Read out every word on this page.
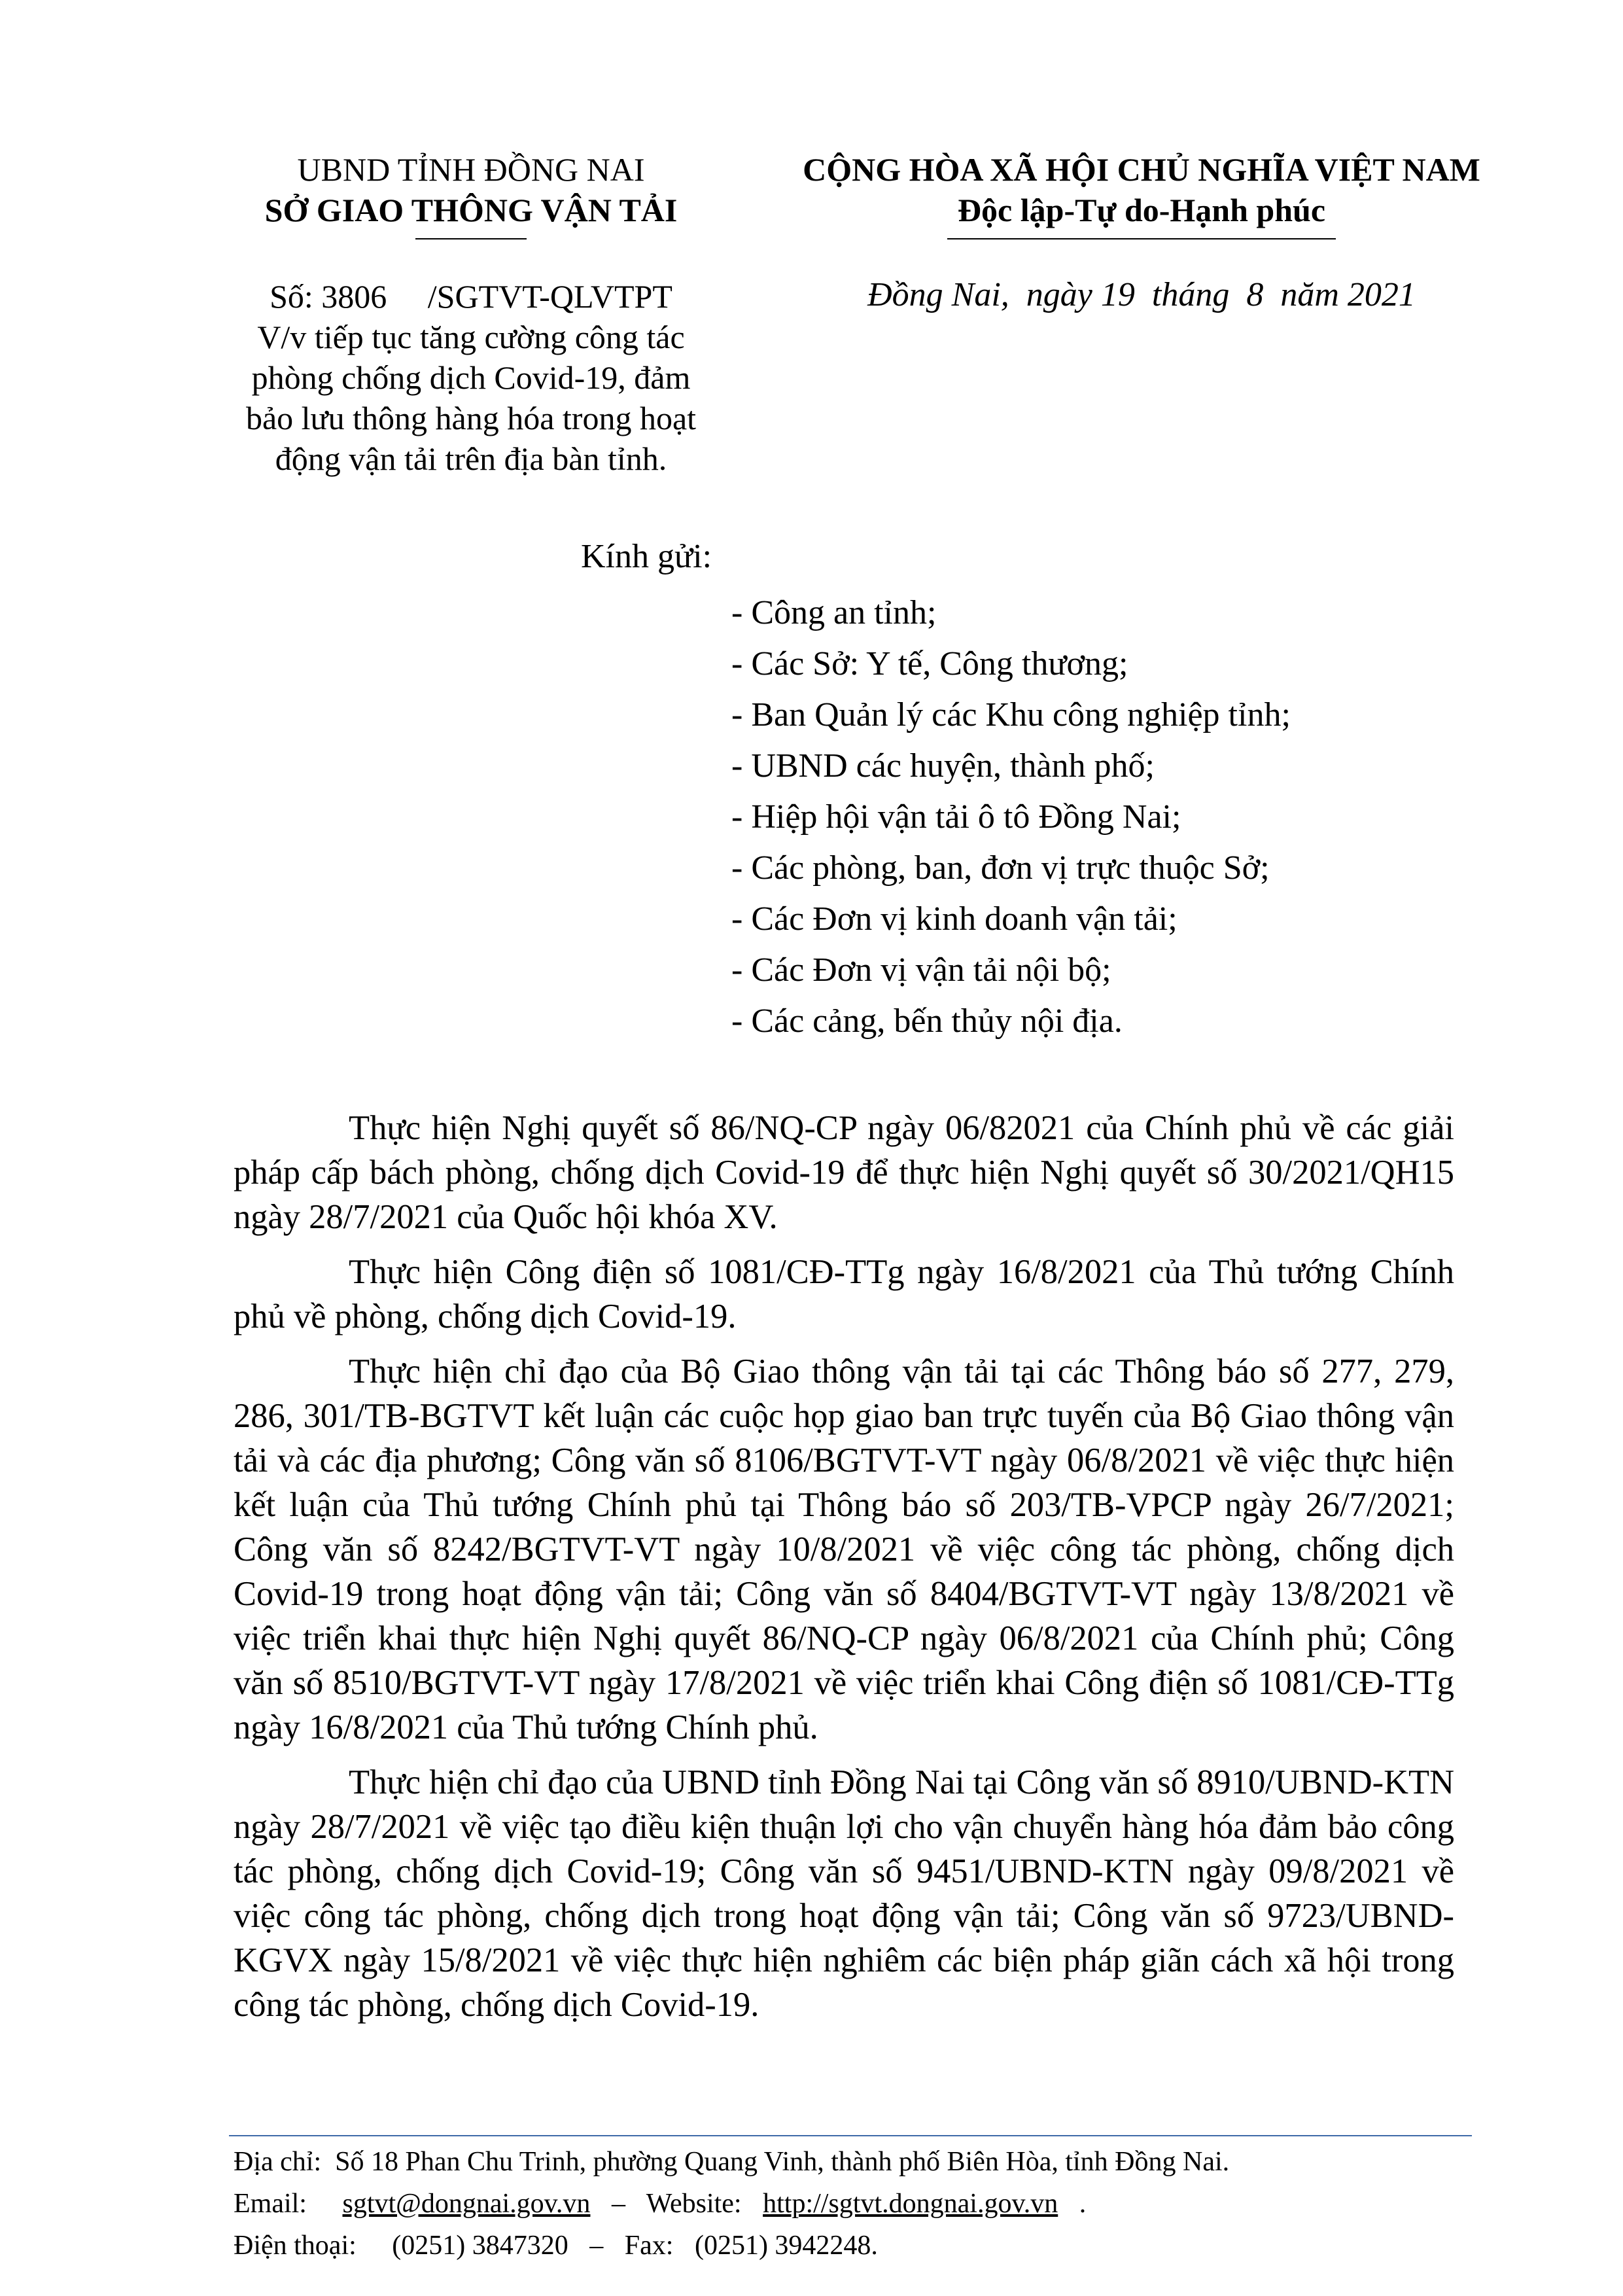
UBND TỈNH ĐỒNG NAI
SỞ GIAO THÔNG VẬN TẢI
CỘNG HÒA XÃ HỘI CHỦ NGHĨA VIỆT NAM
Độc lập-Tự do-Hạnh phúc
Số: 3806     /SGTVT-QLVTPT
V/v tiếp tục tăng cường công tác
phòng chống dịch Covid-19, đảm
bảo lưu thông hàng hóa trong hoạt
động vận tải trên địa bàn tỉnh.
Đồng Nai,  ngày 19  tháng  8  năm 2021
Kính gửi:
- Công an tỉnh;
- Các Sở: Y tế, Công thương;
- Ban Quản lý các Khu công nghiệp tỉnh;
- UBND các huyện, thành phố;
- Hiệp hội vận tải ô tô Đồng Nai;
- Các phòng, ban, đơn vị trực thuộc Sở;
- Các Đơn vị kinh doanh vận tải;
- Các Đơn vị vận tải nội bộ;
- Các cảng, bến thủy nội địa.

Thực hiện Nghị quyết số 86/NQ-CP ngày 06/82021 của Chính phủ về các giải pháp cấp bách phòng, chống dịch Covid-19 để thực hiện Nghị quyết số 30/2021/QH15 ngày 28/7/2021 của Quốc hội khóa XV.

Thực hiện Công điện số 1081/CĐ-TTg ngày 16/8/2021 của Thủ tướng Chính phủ về phòng, chống dịch Covid-19.

Thực hiện chỉ đạo của Bộ Giao thông vận tải tại các Thông báo số 277, 279, 286, 301/TB-BGTVT kết luận các cuộc họp giao ban trực tuyến của Bộ Giao thông vận tải và các địa phương; Công văn số 8106/BGTVT-VT ngày 06/8/2021 về việc thực hiện kết luận của Thủ tướng Chính phủ tại Thông báo số 203/TB-VPCP ngày 26/7/2021; Công văn số 8242/BGTVT-VT ngày 10/8/2021 về việc công tác phòng, chống dịch Covid-19 trong hoạt động vận tải; Công văn số 8404/BGTVT-VT ngày 13/8/2021 về việc triển khai thực hiện Nghị quyết 86/NQ-CP ngày 06/8/2021 của Chính phủ; Công văn số 8510/BGTVT-VT ngày 17/8/2021 về việc triển khai Công điện số 1081/CĐ-TTg ngày 16/8/2021 của Thủ tướng Chính phủ.

Thực hiện chỉ đạo của UBND tỉnh Đồng Nai tại Công văn số 8910/UBND-KTN ngày 28/7/2021 về việc tạo điều kiện thuận lợi cho vận chuyển hàng hóa đảm bảo công tác phòng, chống dịch Covid-19; Công văn số 9451/UBND-KTN ngày 09/8/2021 về việc công tác phòng, chống dịch trong hoạt động vận tải; Công văn số 9723/UBND-KGVX ngày 15/8/2021 về việc thực hiện nghiêm các biện pháp giãn cách xã hội trong công tác phòng, chống dịch Covid-19.

Địa chỉ:  Số 18 Phan Chu Trinh, phường Quang Vinh, thành phố Biên Hòa, tỉnh Đồng Nai.
Email: sgtvt@dongnai.gov.vn – Website: http://sgtvt.dongnai.gov.vn .
Điện thoại: (0251) 3847320 – Fax: (0251) 3942248.
